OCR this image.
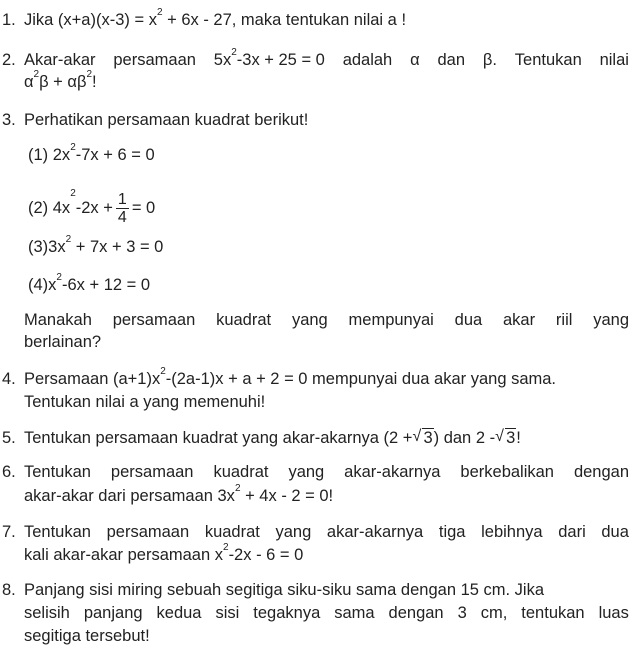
1. Jika $(x+a)(x-3) = x^2 + 6x - 27$, maka tentukan nilai a !
2. Akar-akar persamaan $5x^2-3x + 25 = 0$ adalah α dan β. Tentukan nilai
$\alpha^2\beta + \alpha\beta^2$!
3. Perhatikan persamaan kuadrat berikut!
(1) $2x^2-7x + 6 = 0$
(2) $4x^2-2x + \frac{1}{4} = 0$
$(3)3x^2 + 7x + 3 = 0$
$(4)x^2-6x + 12 = 0$
Manakah persamaan kuadrat yang mempunyai dua akar riil yang
berlainan?
4. Persamaan $(a+1)x^2-(2a-1)x + a + 2 = 0$ mempunyai dua akar yang sama.
Tentukan nilai a yang memenuhi!
5. Tentukan persamaan kuadrat yang akar-akarnya (2 + √ 3) dan 2 - √ 3!
6. Tentukan persamaan kuadrat yang akar-akarnya berkebalikan dengan
akar-akar dari persamaan $3x^2 + 4x - 2 = 0$!
7. Tentukan persamaan kuadrat yang akar-akarnya tiga lebihnya dari dua
kali akar-akar persamaan $x^2-2x - 6 = 0$
8. Panjang sisi miring sebuah segitiga siku-siku sama dengan 15 cm. Jika
selisih panjang kedua sisi tegaknya sama dengan 3 cm, tentukan luas
segitiga tersebut!
